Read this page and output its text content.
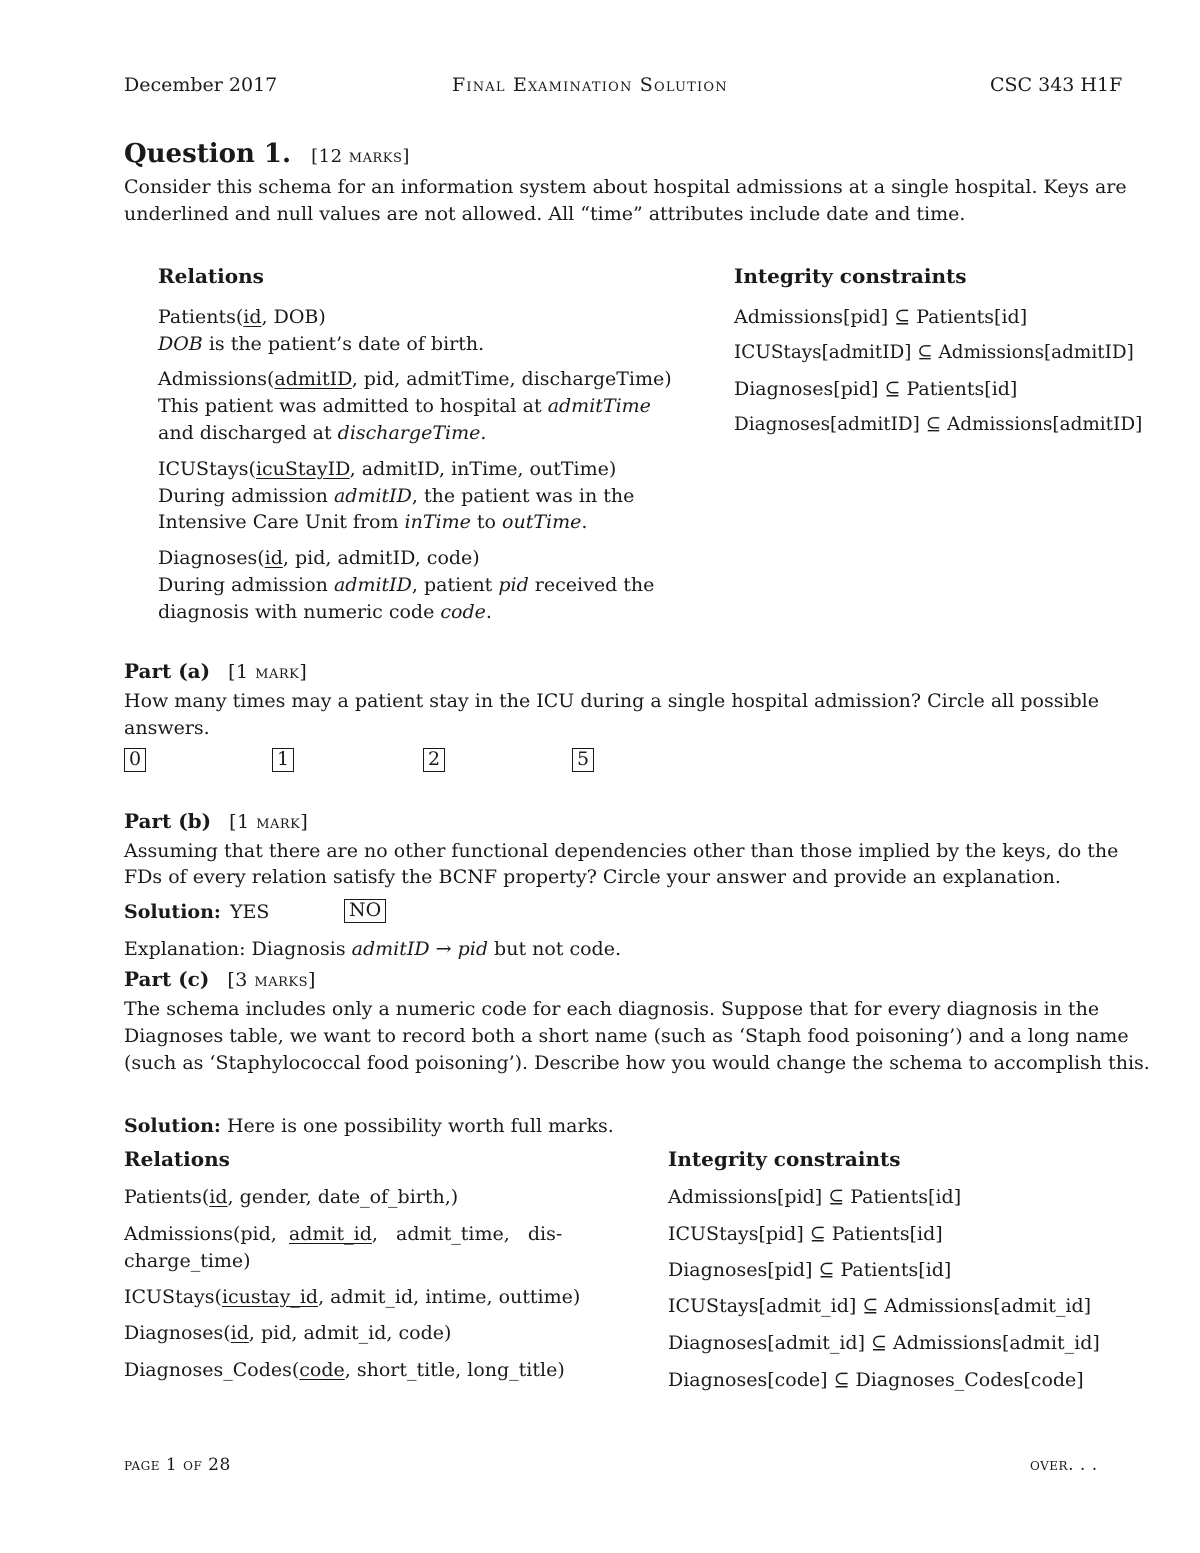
December 2017	Final Examination Solution	CSC 343 H1F
Question 1. [12 marks]
Consider this schema for an information system about hospital admissions at a single hospital. Keys are
underlined and null values are not allowed. All “time” attributes include date and time.
Relations
Patients(id, DOB)
DOB is the patient’s date of birth.
Admissions(admitID, pid, admitTime, dischargeTime)
This patient was admitted to hospital at admitTime
and discharged at dischargeTime.
ICUStays(icuStayID, admitID, inTime, outTime)
During admission admitID, the patient was in the
Intensive Care Unit from inTime to outTime.
Diagnoses(id, pid, admitID, code)
During admission admitID, patient pid received the
diagnosis with numeric code code.
Integrity constraints
Admissions[pid] ⊆ Patients[id]
ICUStays[admitID] ⊆ Admissions[admitID]
Diagnoses[pid] ⊆ Patients[id]
Diagnoses[admitID] ⊆ Admissions[admitID]
Part (a) [1 mark]
How many times may a patient stay in the ICU during a single hospital admission? Circle all possible
answers.
0	1	2	5
Part (b) [1 mark]
Assuming that there are no other functional dependencies other than those implied by the keys, do the
FDs of every relation satisfy the BCNF property? Circle your answer and provide an explanation.
Solution: YES	NO
Explanation: Diagnosis admitID → pid but not code.
Part (c) [3 marks]
The schema includes only a numeric code for each diagnosis. Suppose that for every diagnosis in the
Diagnoses table, we want to record both a short name (such as ‘Staph food poisoning’) and a long name
(such as ‘Staphylococcal food poisoning’). Describe how you would change the schema to accomplish this.
Solution: Here is one possibility worth full marks.
Relations	Integrity constraints
Patients(id, gender, date_of_birth,)
Admissions(pid,  admit_id,   admit_time,   dis-
charge_time)
ICUStays(icustay_id, admit_id, intime, outtime)
Diagnoses(id, pid, admit_id, code)
Diagnoses_Codes(code, short_title, long_title)
Admissions[pid] ⊆ Patients[id]
ICUStays[pid] ⊆ Patients[id]
Diagnoses[pid] ⊆ Patients[id]
ICUStays[admit_id] ⊆ Admissions[admit_id]
Diagnoses[admit_id] ⊆ Admissions[admit_id]
Diagnoses[code] ⊆ Diagnoses_Codes[code]
page 1 of 28	over. . .
